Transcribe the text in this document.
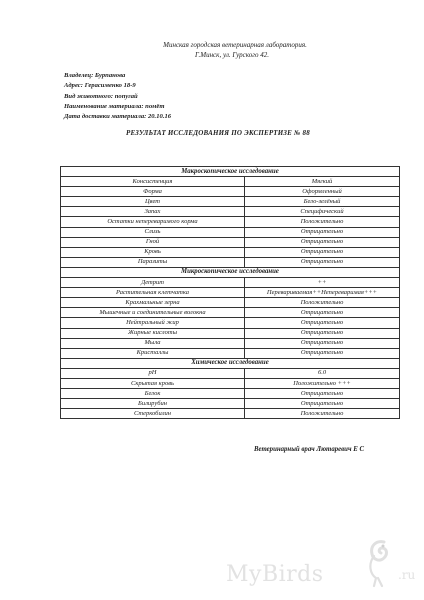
Минская городская ветеринарная лаборатория.
Г.Минск, ул. Гурского 42.
Владелец: Бурпанова
Адрес: Герасименко 18-9
Вид животного: попугай
Наименование материала: помёт
Дата доставки материала: 20.10.16
РЕЗУЛЬТАТ ИССЛЕДОВАНИЯ ПО ЭКСПЕРТИЗЕ № 88
Макроскопическое исследование	
Консистенция	Мягкий
Форма	Оформленный
Цвет	Бело-зелёный
Запах	Специфический
Остатки непереваримого корма	Положительно
Слизь	Отрицательно
Гной	Отрицательно
Кровь	Отрицательно
Паразиты	Отрицательно
Микроскопическое исследование	
Детрит	++
Растительная клетчатка	Перевариваемая++Непереваримая+++
Крахмальные зерна	Положительно
Мышечные и соединительные волокна	Отрицательно
Нейтральный жир	Отрицательно
Жирные кислоты	Отрицательно
Мыла	Отрицательно
Кристаллы	Отрицательно
Химическое исследование	
pH	6.0
Скрытая кровь	Положительно +++
Белок	Отрицательно
Билирубин	Отрицательно
Стеркобилин	Положительно
Ветеринарный врач Лютаревич Е С
MyBirds	.ru
